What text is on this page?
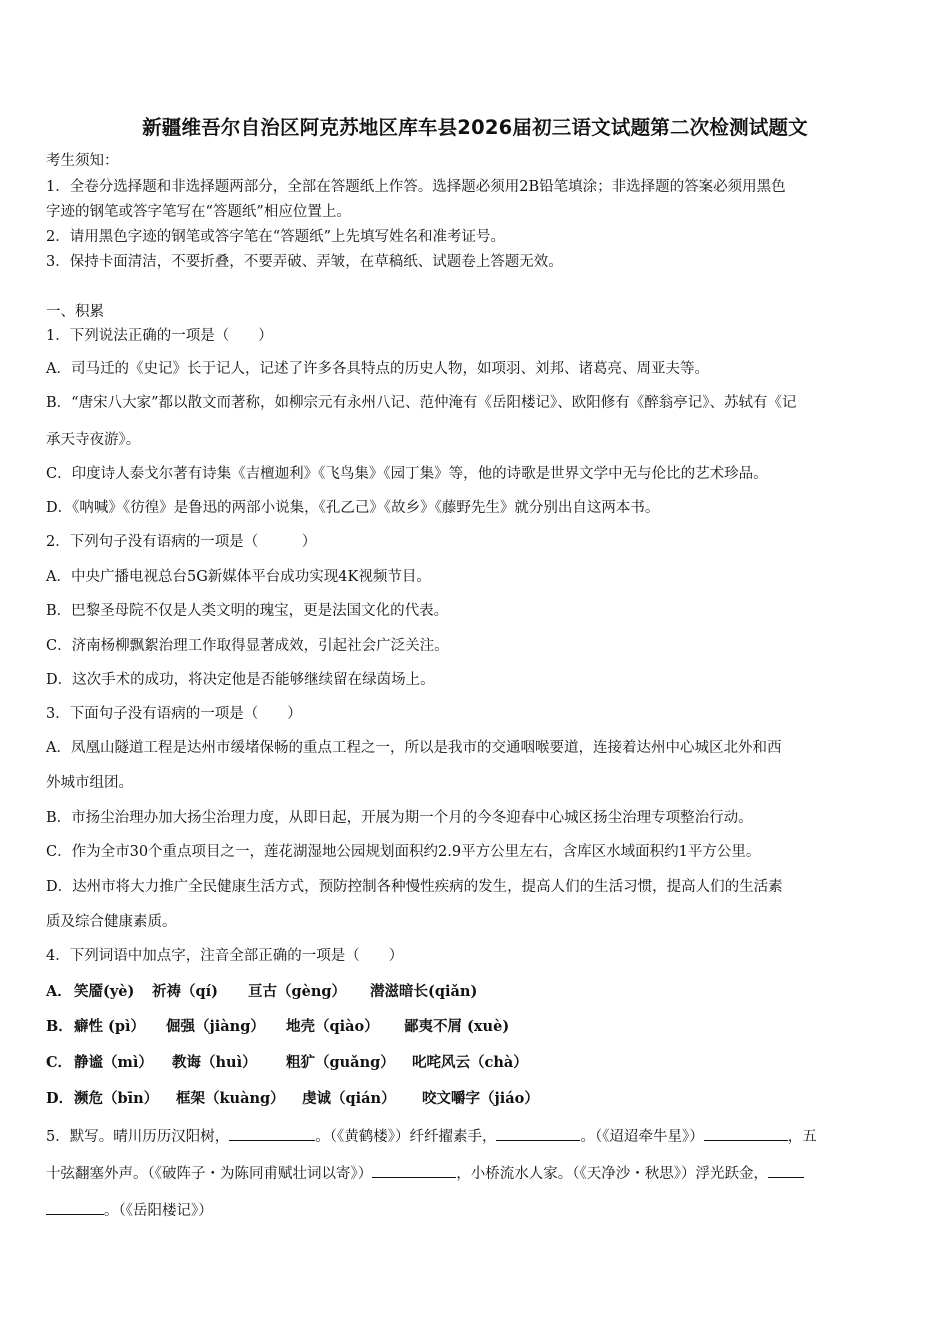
新疆维吾尔自治区阿克苏地区库车县2026届初三语文试题第二次检测试题文
考生须知：
1．全卷分选择题和非选择题两部分，全部在答题纸上作答。选择题必须用2B铅笔填涂；非选择题的答案必须用黑色
字迹的钢笔或答字笔写在“答题纸”相应位置上。
2．请用黑色字迹的钢笔或答字笔在“答题纸”上先填写姓名和准考证号。
3．保持卡面清洁，不要折叠，不要弄破、弄皱，在草稿纸、试题卷上答题无效。
一、积累
1．下列说法正确的一项是（　　）
A．司马迁的《史记》长于记人，记述了许多各具特点的历史人物，如项羽、刘邦、诸葛亮、周亚夫等。
B．“唐宋八大家”都以散文而著称，如柳宗元有永州八记、范仲淹有《岳阳楼记》、欧阳修有《醉翁亭记》、苏轼有《记
承天寺夜游》。
C．印度诗人泰戈尔著有诗集《吉檀迦利》《飞鸟集》《园丁集》等，他的诗歌是世界文学中无与伦比的艺术珍品。
D．《呐喊》《彷徨》是鲁迅的两部小说集，《孔乙己》《故乡》《藤野先生》就分别出自这两本书。
2．下列句子没有语病的一项是（　　　）
A．中央广播电视总台5G新媒体平台成功实现4K视频节目。
B．巴黎圣母院不仅是人类文明的瑰宝，更是法国文化的代表。
C．济南杨柳飘絮治理工作取得显著成效，引起社会广泛关注。
D．这次手术的成功，将决定他是否能够继续留在绿茵场上。
3．下面句子没有语病的一项是（　　）
A．凤凰山隧道工程是达州市缓堵保畅的重点工程之一，所以是我市的交通咽喉要道，连接着达州中心城区北外和西
外城市组团。
B．市扬尘治理办加大扬尘治理力度，从即日起，开展为期一个月的今冬迎春中心城区扬尘治理专项整治行动。
C．作为全市30个重点项目之一，莲花湖湿地公园规划面积约2.9平方公里左右，含库区水域面积约1平方公里。
D．达州市将大力推广全民健康生活方式，预防控制各种慢性疾病的发生，提高人们的生活习惯，提高人们的生活素
质及综合健康素质。
4．下列词语中加点字，注音全部正确的一项是（　　）
A． 笑靥(yè) 祈祷（qí) 亘古（gèng） 潜滋暗长(qiǎn)
B． 癖性 (pì） 倔强（jiàng） 地壳（qiào） 鄙夷不屑 (xuè)
C． 静谧（mì） 教诲（huì） 粗犷（guǎng） 叱咤风云（chà）
D． 濒危（bīn） 框架（kuàng） 虔诚（qián） 咬文嚼字（jiáo）
5．默写。晴川历历汉阳树，	。（《黄鹤楼》）纤纤擢素手，	。（《迢迢牵牛星》）	，五
十弦翻塞外声。（《破阵子・为陈同甫赋壮词以寄》）	，小桥流水人家。（《天净沙・秋思》）浮光跃金，
。（《岳阳楼记》）
